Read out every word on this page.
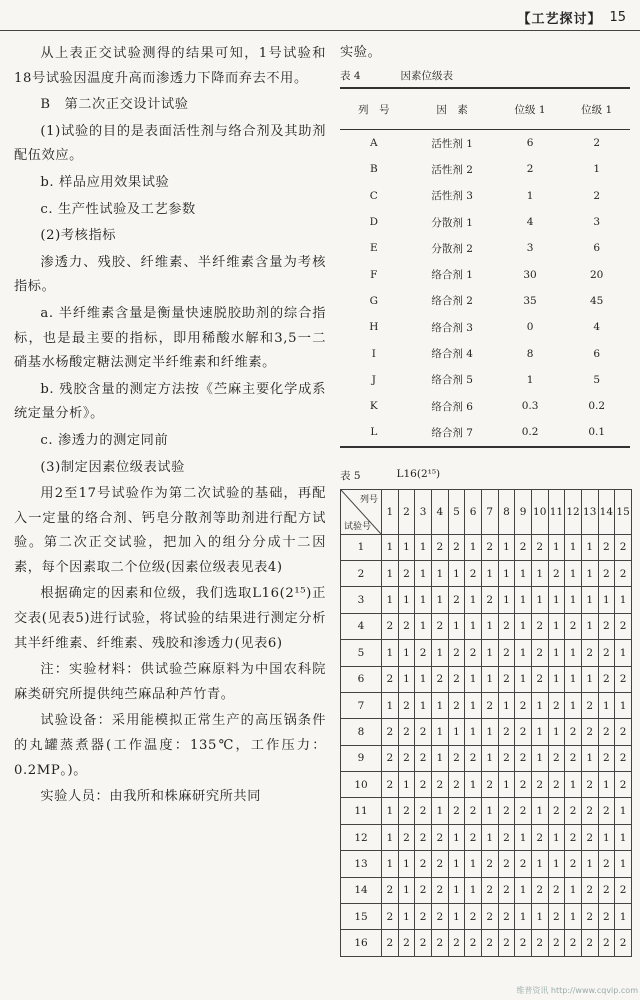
【工艺探讨】 15

从上表正交试验测得的结果可知，1号试验和18号试验因温度升高而渗透力下降而弃去不用。

B　第二次正交设计试验

(1)试验的目的是表面活性剂与络合剂及其助剂配伍效应。

b. 样品应用效果试验

c. 生产性试验及工艺参数

(2)考核指标

渗透力、残胶、纤维素、半纤维素含量为考核指标。

a. 半纤维素含量是衡量快速脱胶助剂的综合指标，也是最主要的指标，即用稀酸水解和3,5一二硝基水杨酸定糖法测定半纤维素和纤维素。

b. 残胶含量的测定方法按《苎麻主要化学成系统定量分析》。

c. 渗透力的测定同前

(3)制定因素位级表试验

用2至17号试验作为第二次试验的基础，再配入一定量的络合剂、钙皂分散剂等助剂进行配方试验。第二次正交试验，把加入的组分分成十二因素，每个因素取二个位级(因素位级表见表4)

根据确定的因素和位级，我们选取L16(2¹⁵)正交表(见表5)进行试验，将试验的结果进行测定分析其半纤维素、纤维素、残胶和渗透力(见表6)

注：实验材料：供试验苎麻原料为中国农科院麻类研究所提供纯苎麻品种芦竹青。

试验设备：采用能模拟正常生产的高压锅条件的丸罐蒸煮器(工作温度：135℃，工作压力：0.2MP。)。

实验人员：由我所和株麻研究所共同

实验。
表 4	因素位级表
列　号	因　素	位级 1	位级 1
A	活性剂 1	6	2
B	活性剂 2	2	1
C	活性剂 3	1	2
D	分散剂 1	4	3
E	分散剂 2	3	6
F	络合剂 1	30	20
G	络合剂 2	35	45
H	络合剂 3	0	4
I	络合剂 4	8	6
J	络合剂 5	1	5
K	络合剂 6	0.3	0.2
L	络合剂 7	0.2	0.1
表 5	L16(2¹⁵)
列号
试验号	1	2	3	4	5	6	7	8	9	10	11	12	13	14	15
1	1	1	1	2	2	1	2	1	2	2	1	1	1	2	2
2	1	2	1	1	1	2	1	1	1	1	2	1	1	2	2
3	1	1	1	1	2	1	2	1	1	1	1	1	1	1	1
4	2	2	1	2	1	1	1	2	1	2	1	2	1	2	2
5	1	1	2	1	2	2	1	2	1	2	1	1	2	2	1
6	2	1	1	2	2	1	1	2	1	2	1	1	1	2	2
7	1	2	1	1	2	1	2	1	2	1	2	1	2	1	1
8	2	2	2	1	1	1	1	2	2	1	1	2	2	2	2
9	2	2	2	1	2	2	1	2	2	1	2	2	1	2	2
10	2	1	2	2	2	1	2	1	2	2	2	1	2	1	2
11	1	2	2	1	2	2	1	2	2	1	2	2	2	2	1
12	1	2	2	2	1	2	1	2	1	2	1	2	2	1	1
13	1	1	2	2	1	1	2	2	2	1	1	2	1	2	1
14	2	1	2	2	1	1	2	2	1	2	2	1	2	2	2
15	2	1	2	2	1	2	2	2	1	1	2	1	2	2	1
16	2	2	2	2	2	2	2	2	2	2	2	2	2	2	2
维普资讯 http://www.cqvip.com
